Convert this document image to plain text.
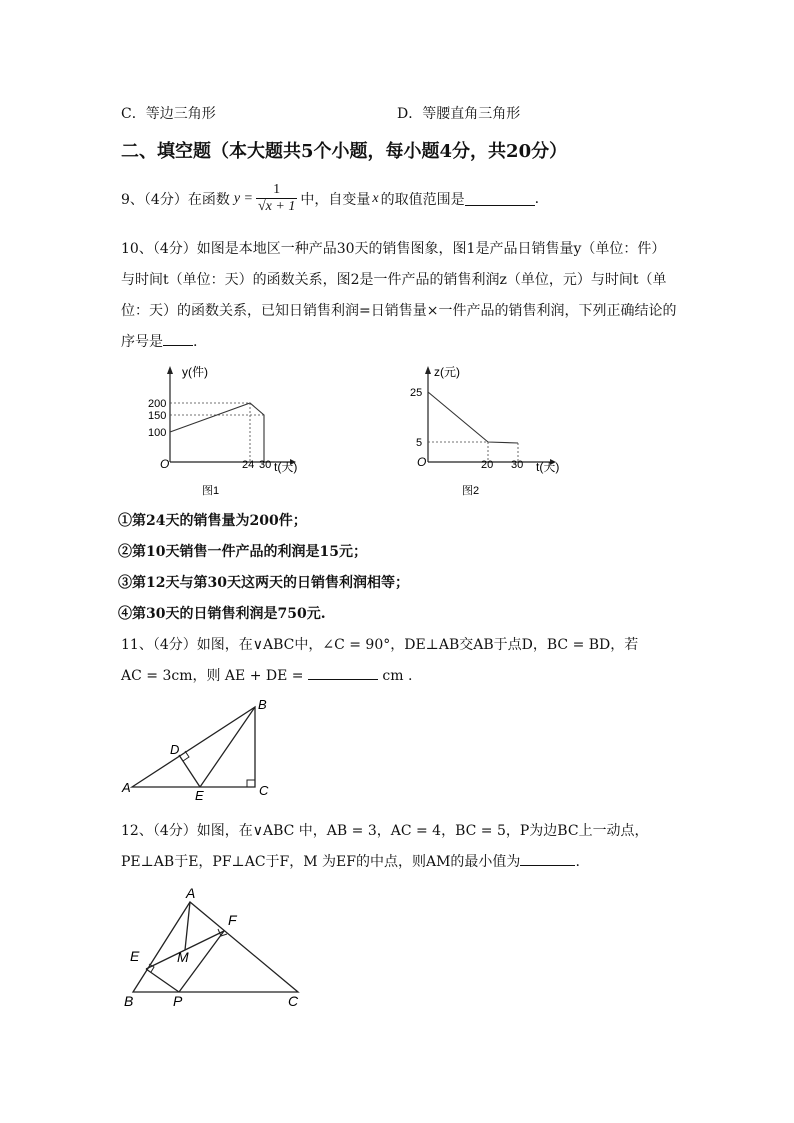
C．等边三角形	D．等腰直角三角形
二、填空题（本大题共5个小题，每小题4分，共20分）
9、（4分）在函数 $y = \frac{1}{√x + 1}$ 中，自变量 x 的取值范围是	.
10、（4分）如图是本地区一种产品30天的销售图象，图1是产品日销售量y（单位：件）
与时间t（单位：天）的函数关系，图2是一件产品的销售利润z（单位，元）与时间t（单
位：天）的函数关系，已知日销售利润=日销售量×一件产品的销售利润，下列正确结论的
序号是 .
y(件)
200
150
100
O	24 30 t(天)
图1
z(元)
25
5
O	20 30 t(天)
图2
①第24天的销售量为200件；
②第10天销售一件产品的利润是15元；
③第12天与第30天这两天的日销售利润相等；
④第30天的日销售利润是750元.
11、（4分）如图，在∨ABC中，∠C = 90°，DE⊥AB交AB于点D，BC = BD，若
AC = 3cm，则 AE + DE =	cm .
A
B
C
D
E
12、（4分）如图，在∨ABC 中，AB = 3，AC = 4，BC = 5，P为边BC上一动点，
PE⊥AB于E，PF⊥AC于F，M 为EF的中点，则AM的最小值为	.
A
B	C
E
F
M
P
